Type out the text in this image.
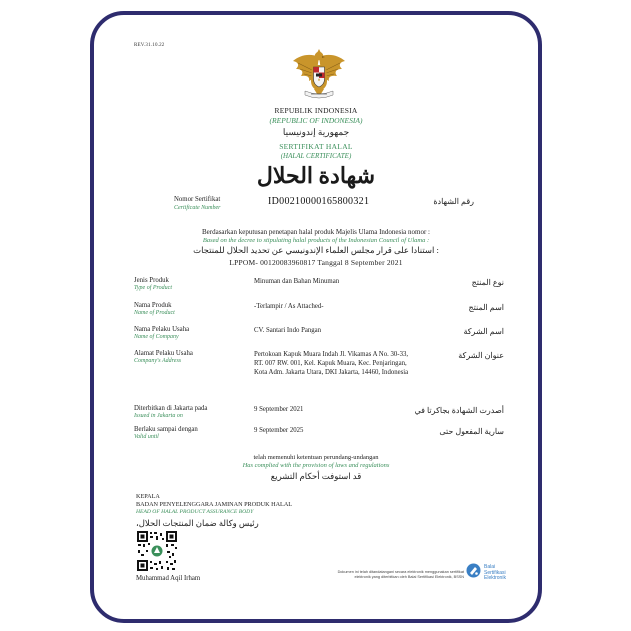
REV.31.10.22
REPUBLIK INDONESIA
(REPUBLIC OF INDONESIA)
جمهورية إندونيسيا
SERTIFIKAT HALAL
(HALAL CERTIFICATE)
شهادة الحلال
Nomor Sertifikat
Certificate Number
ID00210000165800321	رقم الشهادة
Berdasarkan keputusan penetapan halal produk Majelis Ulama Indonesia nomor :
Based on the decree to stipulating halal products of the Indonesian Council of Ulama :
استنادا على قرار مجلس العلماء الإندونيسي عن تحديد الحلال للمنتجات :
LPPOM- 00120083960817 Tanggal 8 September 2021
Jenis Produk
Type of Product
Minuman dan Bahan Minuman	نوع المنتج
Nama Produk
Name of Product
-Terlampir / As Attached-	اسم المنتج
Nama Pelaku Usaha
Name of Company
CV. Santari Indo Pangan	اسم الشركة
Alamat Pelaku Usaha
Company's Address
Pertokoan Kapuk Muara Indah Jl. Vikamas A No. 30-33, RT. 007 RW. 001, Kel. Kapuk Muara, Kec. Penjaringan, Kota Adm. Jakarta Utara, DKI Jakarta, 14460, Indonesia
عنوان الشركة
Diterbitkan di Jakarta pada
Issued in Jakarta on
9 September 2021	أصدرت الشهادة بجاكرتا في
Berlaku sampai dengan
Valid until
9 September 2025	سارية المفعول حتى
telah memenuhi ketentuan perundang-undangan
Has complied with the provision of laws and regulations
قد استوفت أحكام التشريع
KEPALA
BADAN PENYELENGGARA JAMINAN PRODUK HALAL
HEAD OF HALAL PRODUCT ASSURANCE BODY
رئيس وكالة ضمان المنتجات الحلال،
Muhammad Aqil Irham
Dokumen ini telah ditandatangani secara elektronik menggunakan sertifikat
elektronik yang diterbitkan oleh Balai Sertifikasi Elektronik, BSSN
Balai
Sertifikasi
Elektronik
